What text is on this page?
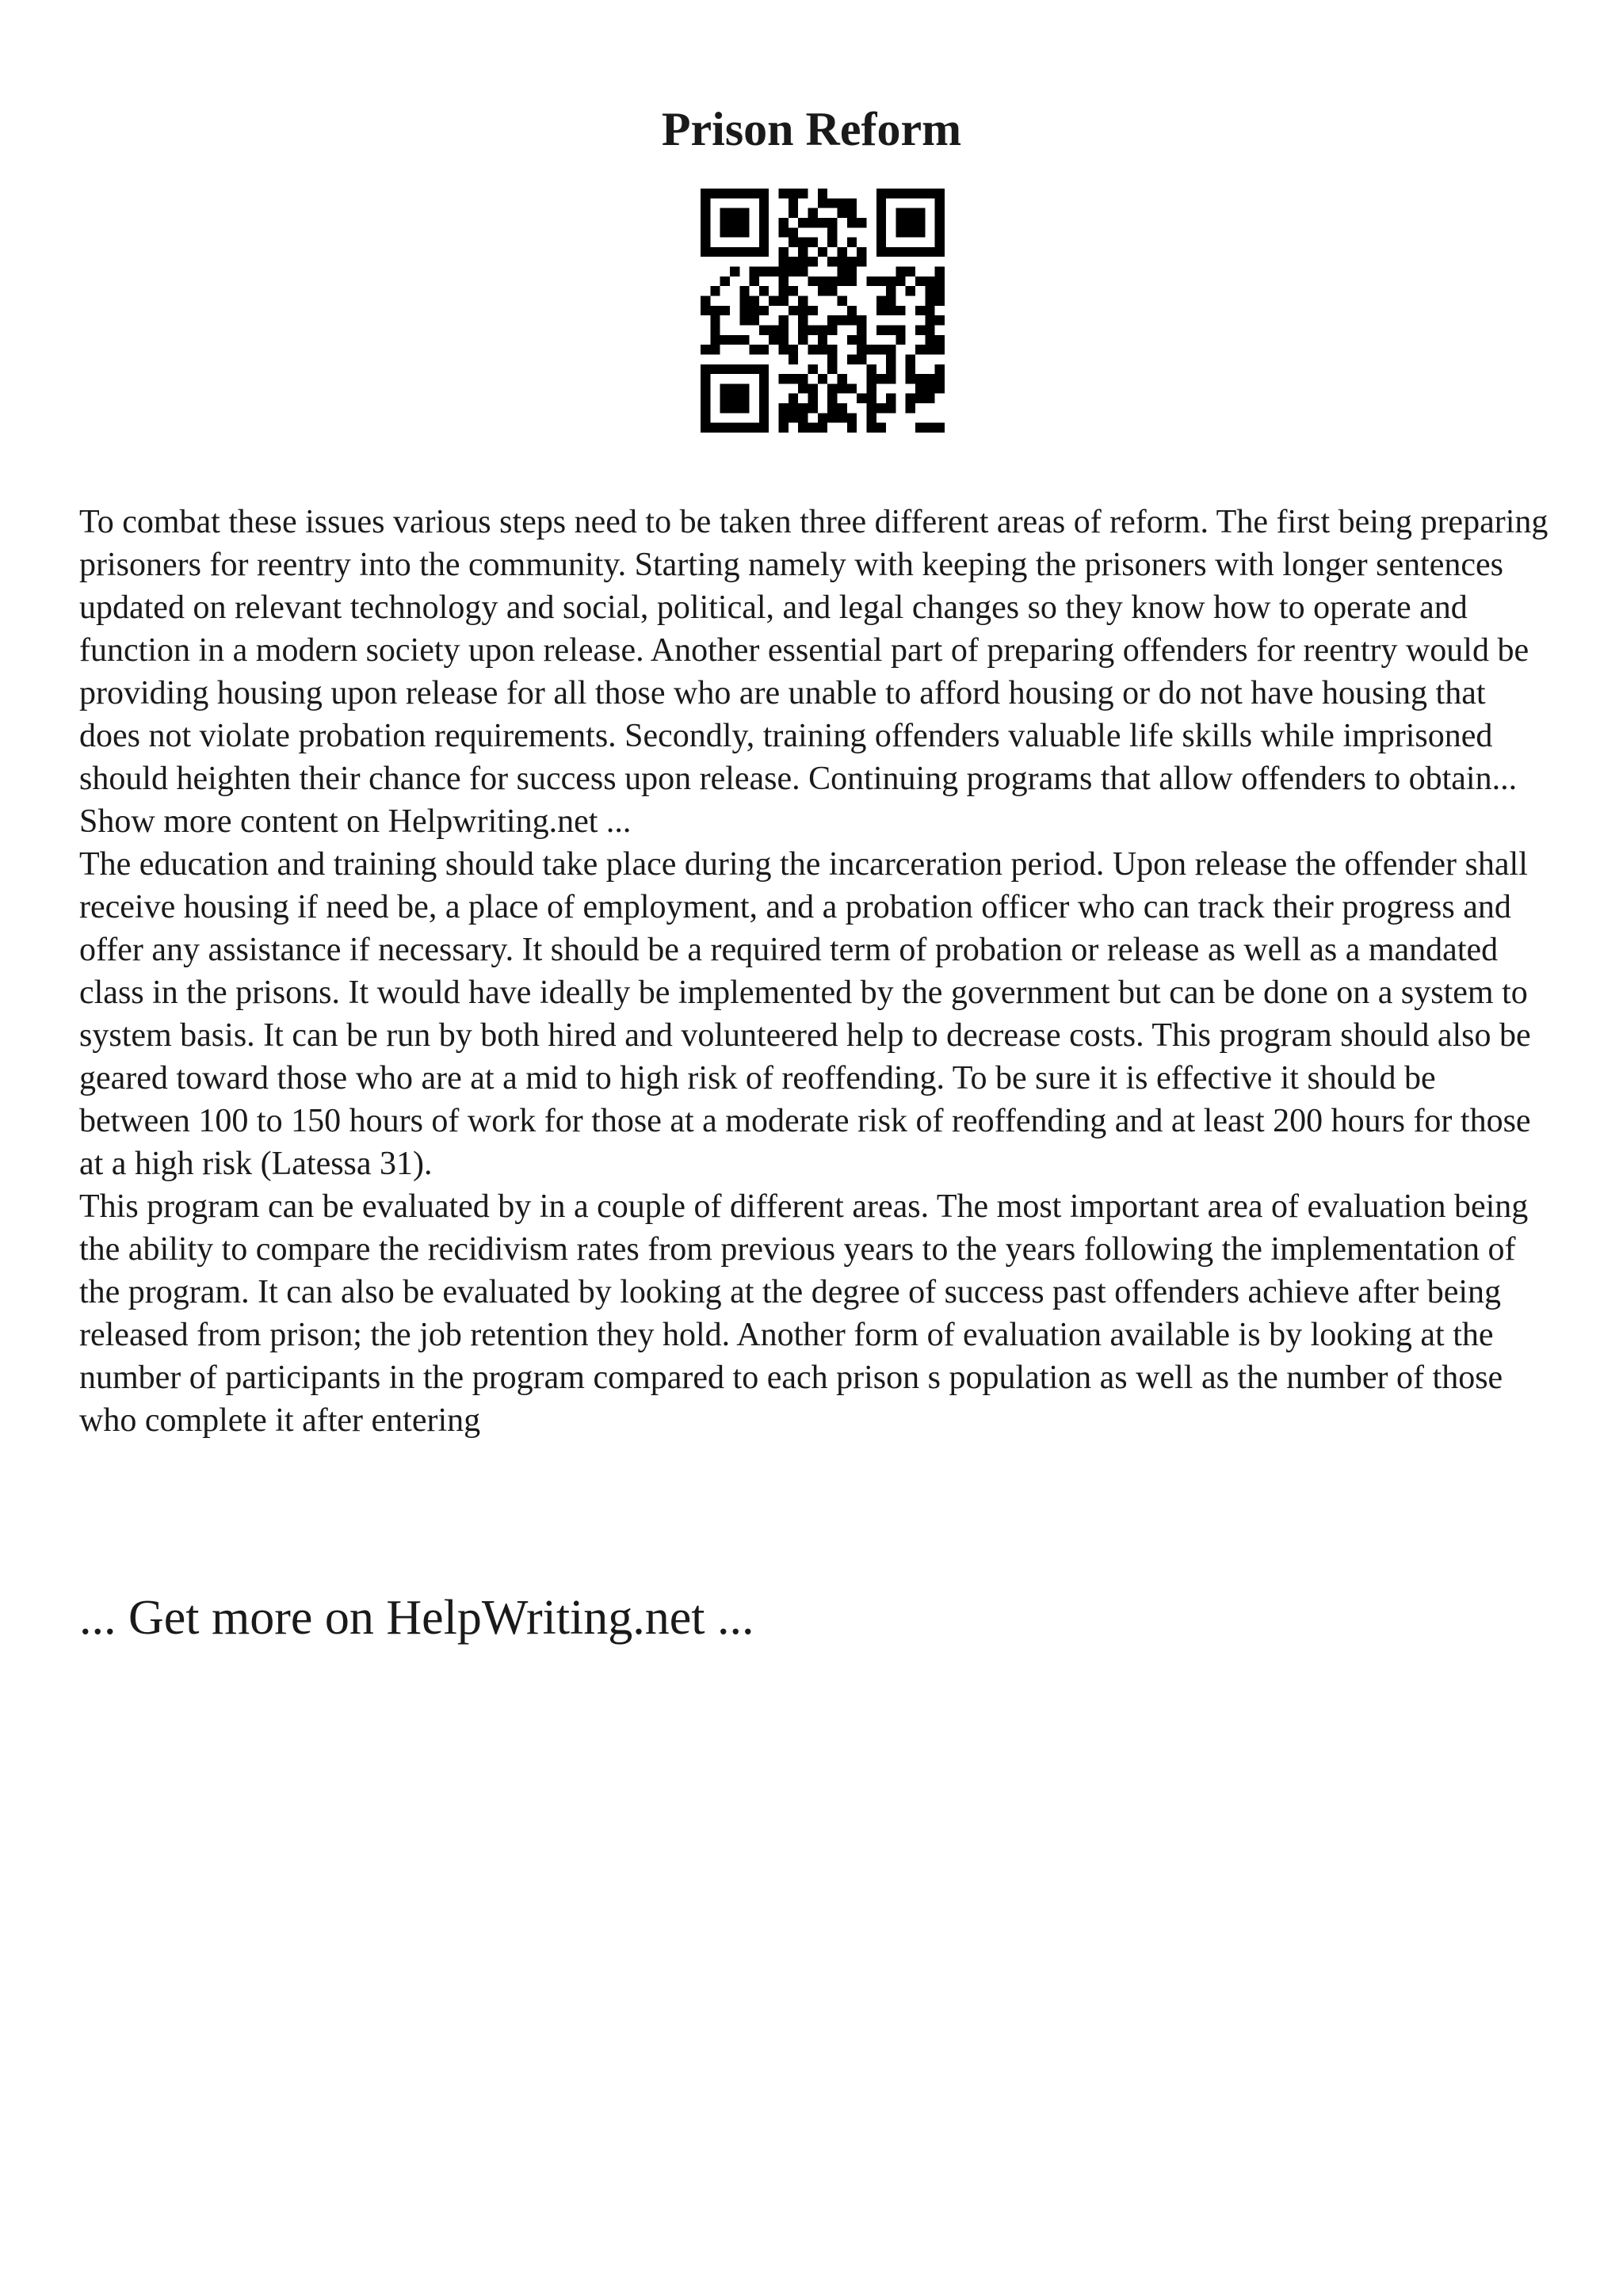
Prison Reform

To combat these issues various steps need to be taken three different areas of reform. The first being preparing prisoners for reentry into the community. Starting namely with keeping the prisoners with longer sentences updated on relevant technology and social, political, and legal changes so they know how to operate and function in a modern society upon release. Another essential part of preparing offenders for reentry would be providing housing upon release for all those who are unable to afford housing or do not have housing that does not violate probation requirements. Secondly, training offenders valuable life skills while imprisoned should heighten their chance for success upon release. Continuing programs that allow offenders to obtain... Show more content on Helpwriting.net ...

The education and training should take place during the incarceration period. Upon release the offender shall receive housing if need be, a place of employment, and a probation officer who can track their progress and offer any assistance if necessary. It should be a required term of probation or release as well as a mandated class in the prisons. It would have ideally be implemented by the government but can be done on a system to system basis. It can be run by both hired and volunteered help to decrease costs. This program should also be geared toward those who are at a mid to high risk of reoffending. To be sure it is effective it should be between 100 to 150 hours of work for those at a moderate risk of reoffending and at least 200 hours for those at a high risk (Latessa 31).

This program can be evaluated by in a couple of different areas. The most important area of evaluation being the ability to compare the recidivism rates from previous years to the years following the implementation of the program. It can also be evaluated by looking at the degree of success past offenders achieve after being released from prison; the job retention they hold. Another form of evaluation available is by looking at the number of participants in the program compared to each prison s population as well as the number of those who complete it after entering

... Get more on HelpWriting.net ...
